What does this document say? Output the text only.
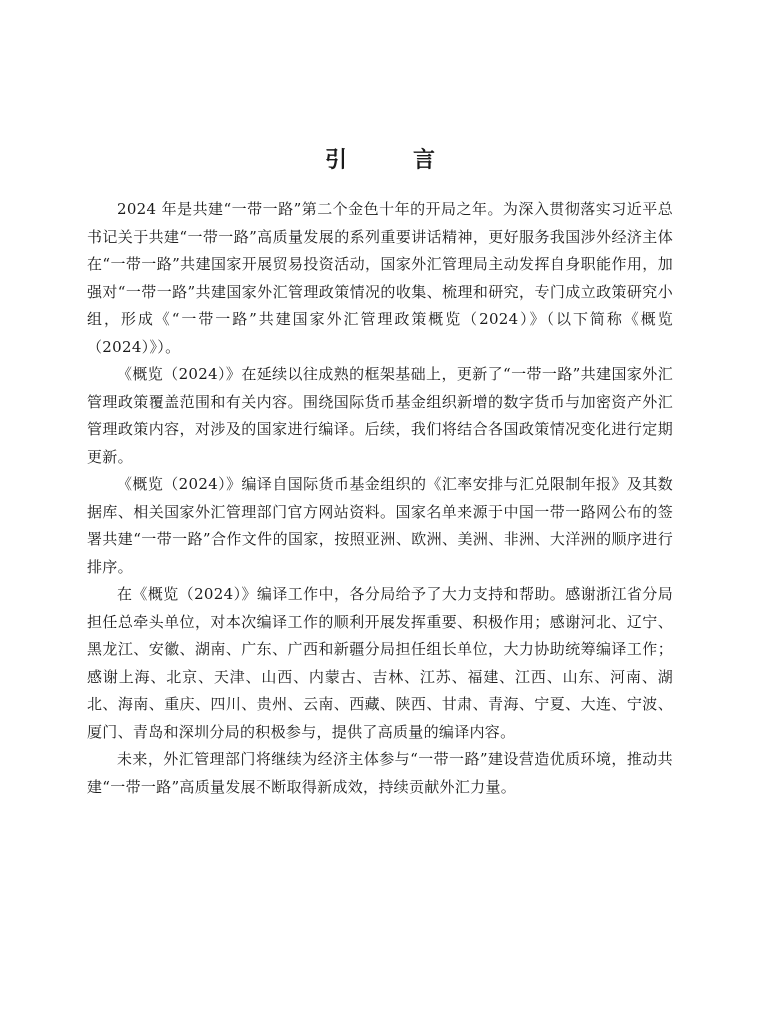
引　言

2024 年是共建“一带一路”第二个金色十年的开局之年。为深入贯彻落实习近平总书记关于共建“一带一路”高质量发展的系列重要讲话精神，更好服务我国涉外经济主体在“一带一路”共建国家开展贸易投资活动，国家外汇管理局主动发挥自身职能作用，加强对“一带一路”共建国家外汇管理政策情况的收集、梳理和研究，专门成立政策研究小组，形成《“一带一路”共建国家外汇管理政策概览（2024）》（以下简称《概览（2024）》）。

《概览（2024）》在延续以往成熟的框架基础上，更新了“一带一路”共建国家外汇管理政策覆盖范围和有关内容。围绕国际货币基金组织新增的数字货币与加密资产外汇管理政策内容，对涉及的国家进行编译。后续，我们将结合各国政策情况变化进行定期更新。

《概览（2024）》编译自国际货币基金组织的《汇率安排与汇兑限制年报》及其数据库、相关国家外汇管理部门官方网站资料。国家名单来源于中国一带一路网公布的签署共建“一带一路”合作文件的国家，按照亚洲、欧洲、美洲、非洲、大洋洲的顺序进行排序。

在《概览（2024）》编译工作中，各分局给予了大力支持和帮助。感谢浙江省分局担任总牵头单位，对本次编译工作的顺利开展发挥重要、积极作用；感谢河北、辽宁、黑龙江、安徽、湖南、广东、广西和新疆分局担任组长单位，大力协助统筹编译工作；感谢上海、北京、天津、山西、内蒙古、吉林、江苏、福建、江西、山东、河南、湖北、海南、重庆、四川、贵州、云南、西藏、陕西、甘肃、青海、宁夏、大连、宁波、厦门、青岛和深圳分局的积极参与，提供了高质量的编译内容。

未来，外汇管理部门将继续为经济主体参与“一带一路”建设营造优质环境，推动共建“一带一路”高质量发展不断取得新成效，持续贡献外汇力量。
